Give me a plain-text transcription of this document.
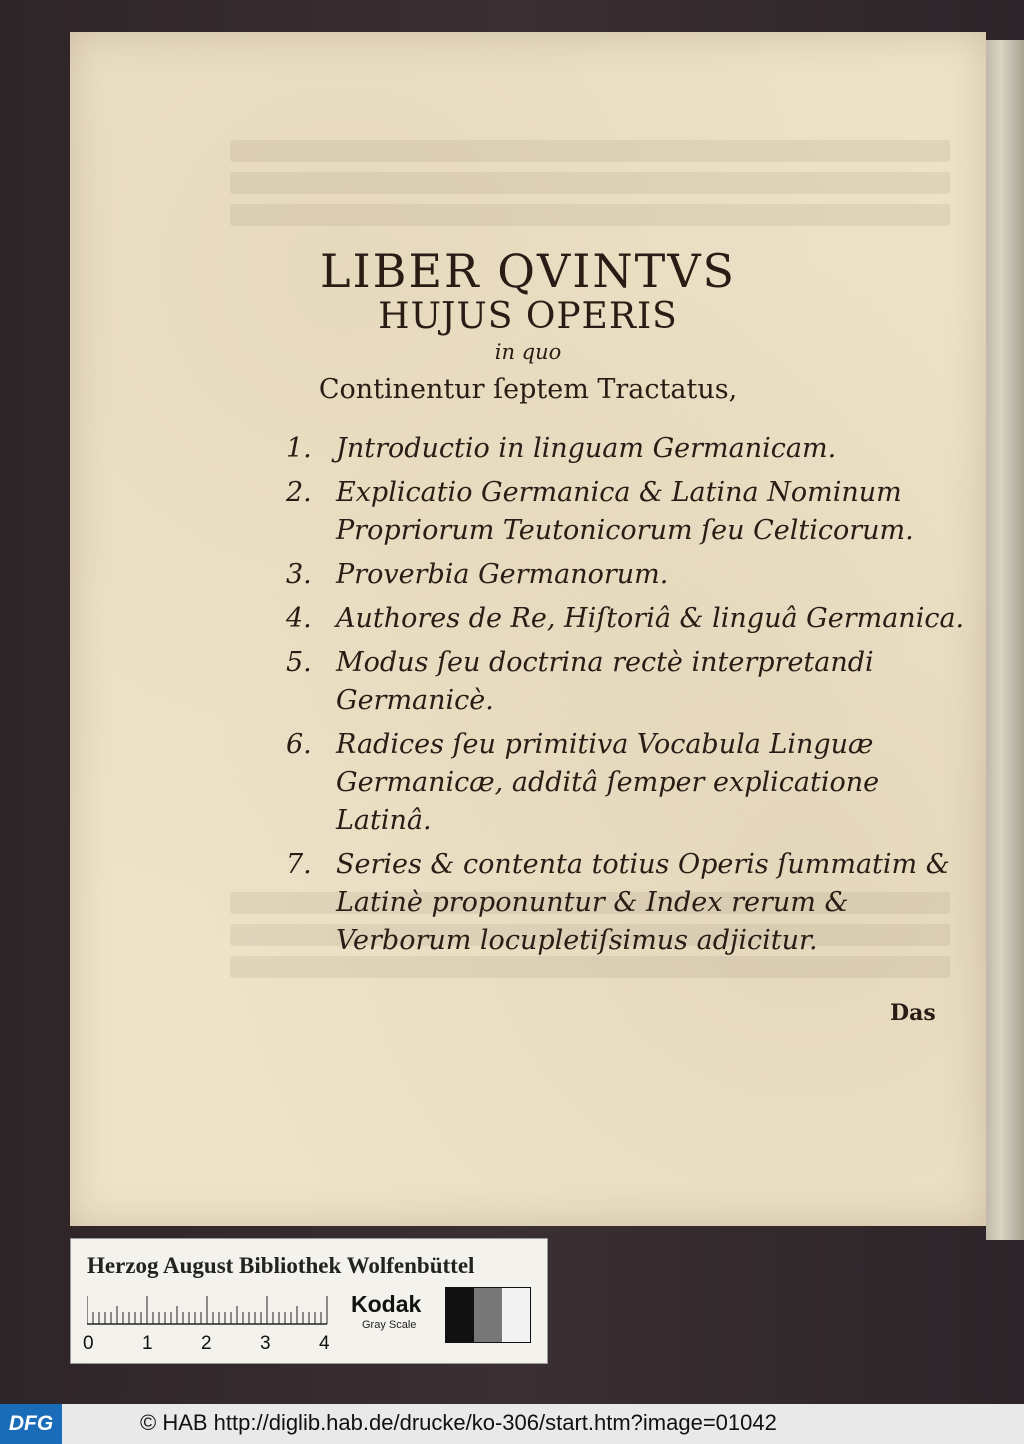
LIBER QVINTVS
HUJUS OPERIS
in quo
Continentur ſeptem Tractatus,
1. Jntroductio in linguam Germanicam.
2. Explicatio Germanica & Latina Nominum Propriorum Teutonicorum ſeu Celticorum.
3. Proverbia Germanorum.
4. Authores de Re, Hiſtoriâ & linguâ Germanica.
5. Modus ſeu doctrina rectè interpretandi Germanicè.
6. Radices ſeu primitiva Vocabula Linguæ Germanicæ, additâ ſemper explicatione Latinâ.
7. Series & contenta totius Operis ſummatim & Latinè proponuntur & Index rerum & Verborum locupletiſsimus adjicitur.
Das
Herzog August Bibliothek Wolfenbüttel
0	1	2	3	4
Kodak
Gray Scale
DFG	© HAB http://diglib.hab.de/drucke/ko-306/start.htm?image=01042
